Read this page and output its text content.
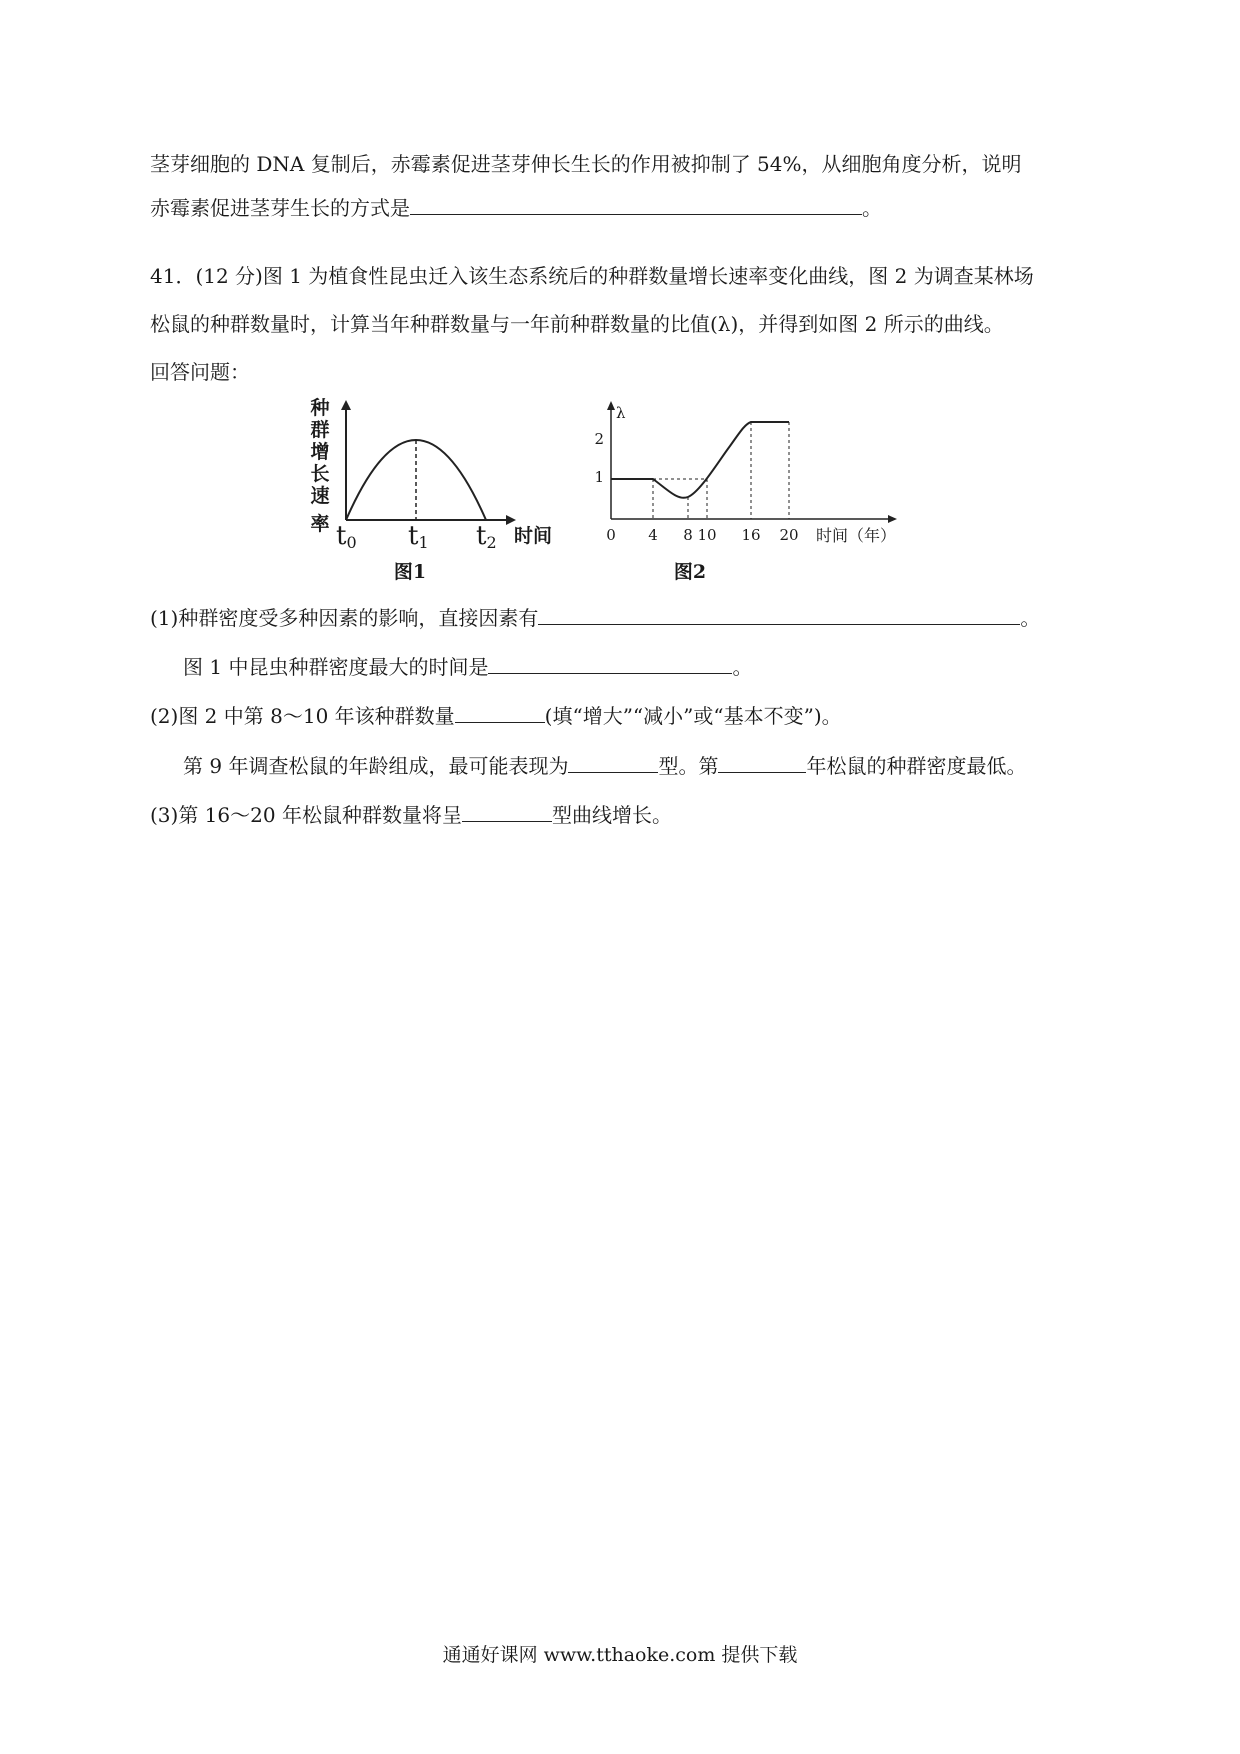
茎芽细胞的 DNA 复制后，赤霉素促进茎芽伸长生长的作用被抑制了 54%，从细胞角度分析，说明
赤霉素促进茎芽生长的方式是	。
41．(12 分)图 1 为植食性昆虫迁入该生态系统后的种群数量增长速率变化曲线，图 2 为调查某林场
松鼠的种群数量时，计算当年种群数量与一年前种群数量的比值(λ)，并得到如图 2 所示的曲线。
回答问题：
种
群
增
长
速
率 t0 t1 t2 时间
图1
λ
1
2
0 4 8 10 16 20 时间（年）
图2
(1)种群密度受多种因素的影响，直接因素有	。
图 1 中昆虫种群密度最大的时间是	。
(2)图 2 中第 8～10 年该种群数量	(填“增大”“减小”或“基本不变”)。
第 9 年调查松鼠的年龄组成，最可能表现为	型。第	年松鼠的种群密度最低。
(3)第 16～20 年松鼠种群数量将呈	型曲线增长。
通通好课网 www.tthaoke.com 提供下载
